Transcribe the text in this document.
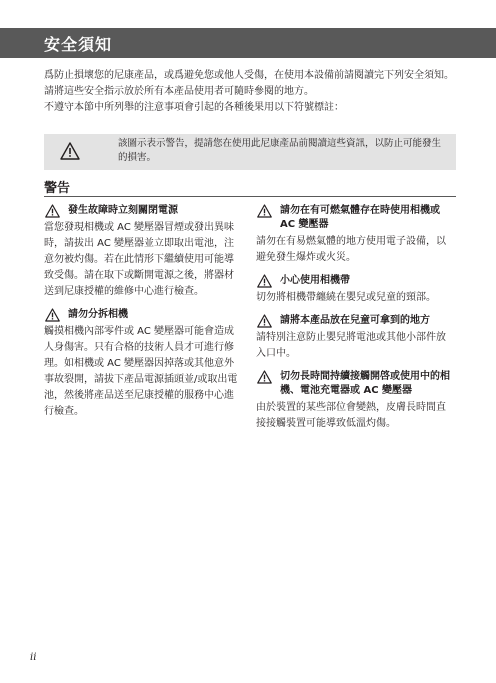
安全須知

爲防止損壞您的尼康產品，或爲避免您或他人受傷，在使用本設備前請閱讀完下列安全須知。請將這些安全指示放於所有本產品使用者可隨時參閱的地方。

不遵守本節中所列舉的注意事項會引起的各種後果用以下符號標註：

該圖示表示警告，提請您在使用此尼康產品前閱讀這些資訊，以防止可能發生的損害。
警告
發生故障時立刻關閉電源

當您發現相機或 AC 變壓器冒煙或發出異味時，請拔出 AC 變壓器並立即取出電池，注意勿被灼傷。若在此情形下繼續使用可能導致受傷。請在取下或斷開電源之後，將器材送到尼康授權的維修中心進行檢查。

請勿分拆相機

觸摸相機內部零件或 AC 變壓器可能會造成人身傷害。只有合格的技術人員才可進行修理。如相機或 AC 變壓器因掉落或其他意外事故裂開，請拔下產品電源插頭並/或取出電池，然後將產品送至尼康授權的服務中心進行檢查。

請勿在有可燃氣體存在時使用相機或 AC 變壓器

請勿在有易燃氣體的地方使用電子設備，以避免發生爆炸或火災。

小心使用相機帶

切勿將相機帶纏繞在嬰兒或兒童的頸部。

請將本產品放在兒童可拿到的地方

請特別注意防止嬰兒將電池或其他小部件放入口中。

切勿長時間持續接觸開啓或使用中的相機、電池充電器或 AC 變壓器

由於裝置的某些部位會變熱，皮膚長時間直接接觸裝置可能導致低溫灼傷。

ii
